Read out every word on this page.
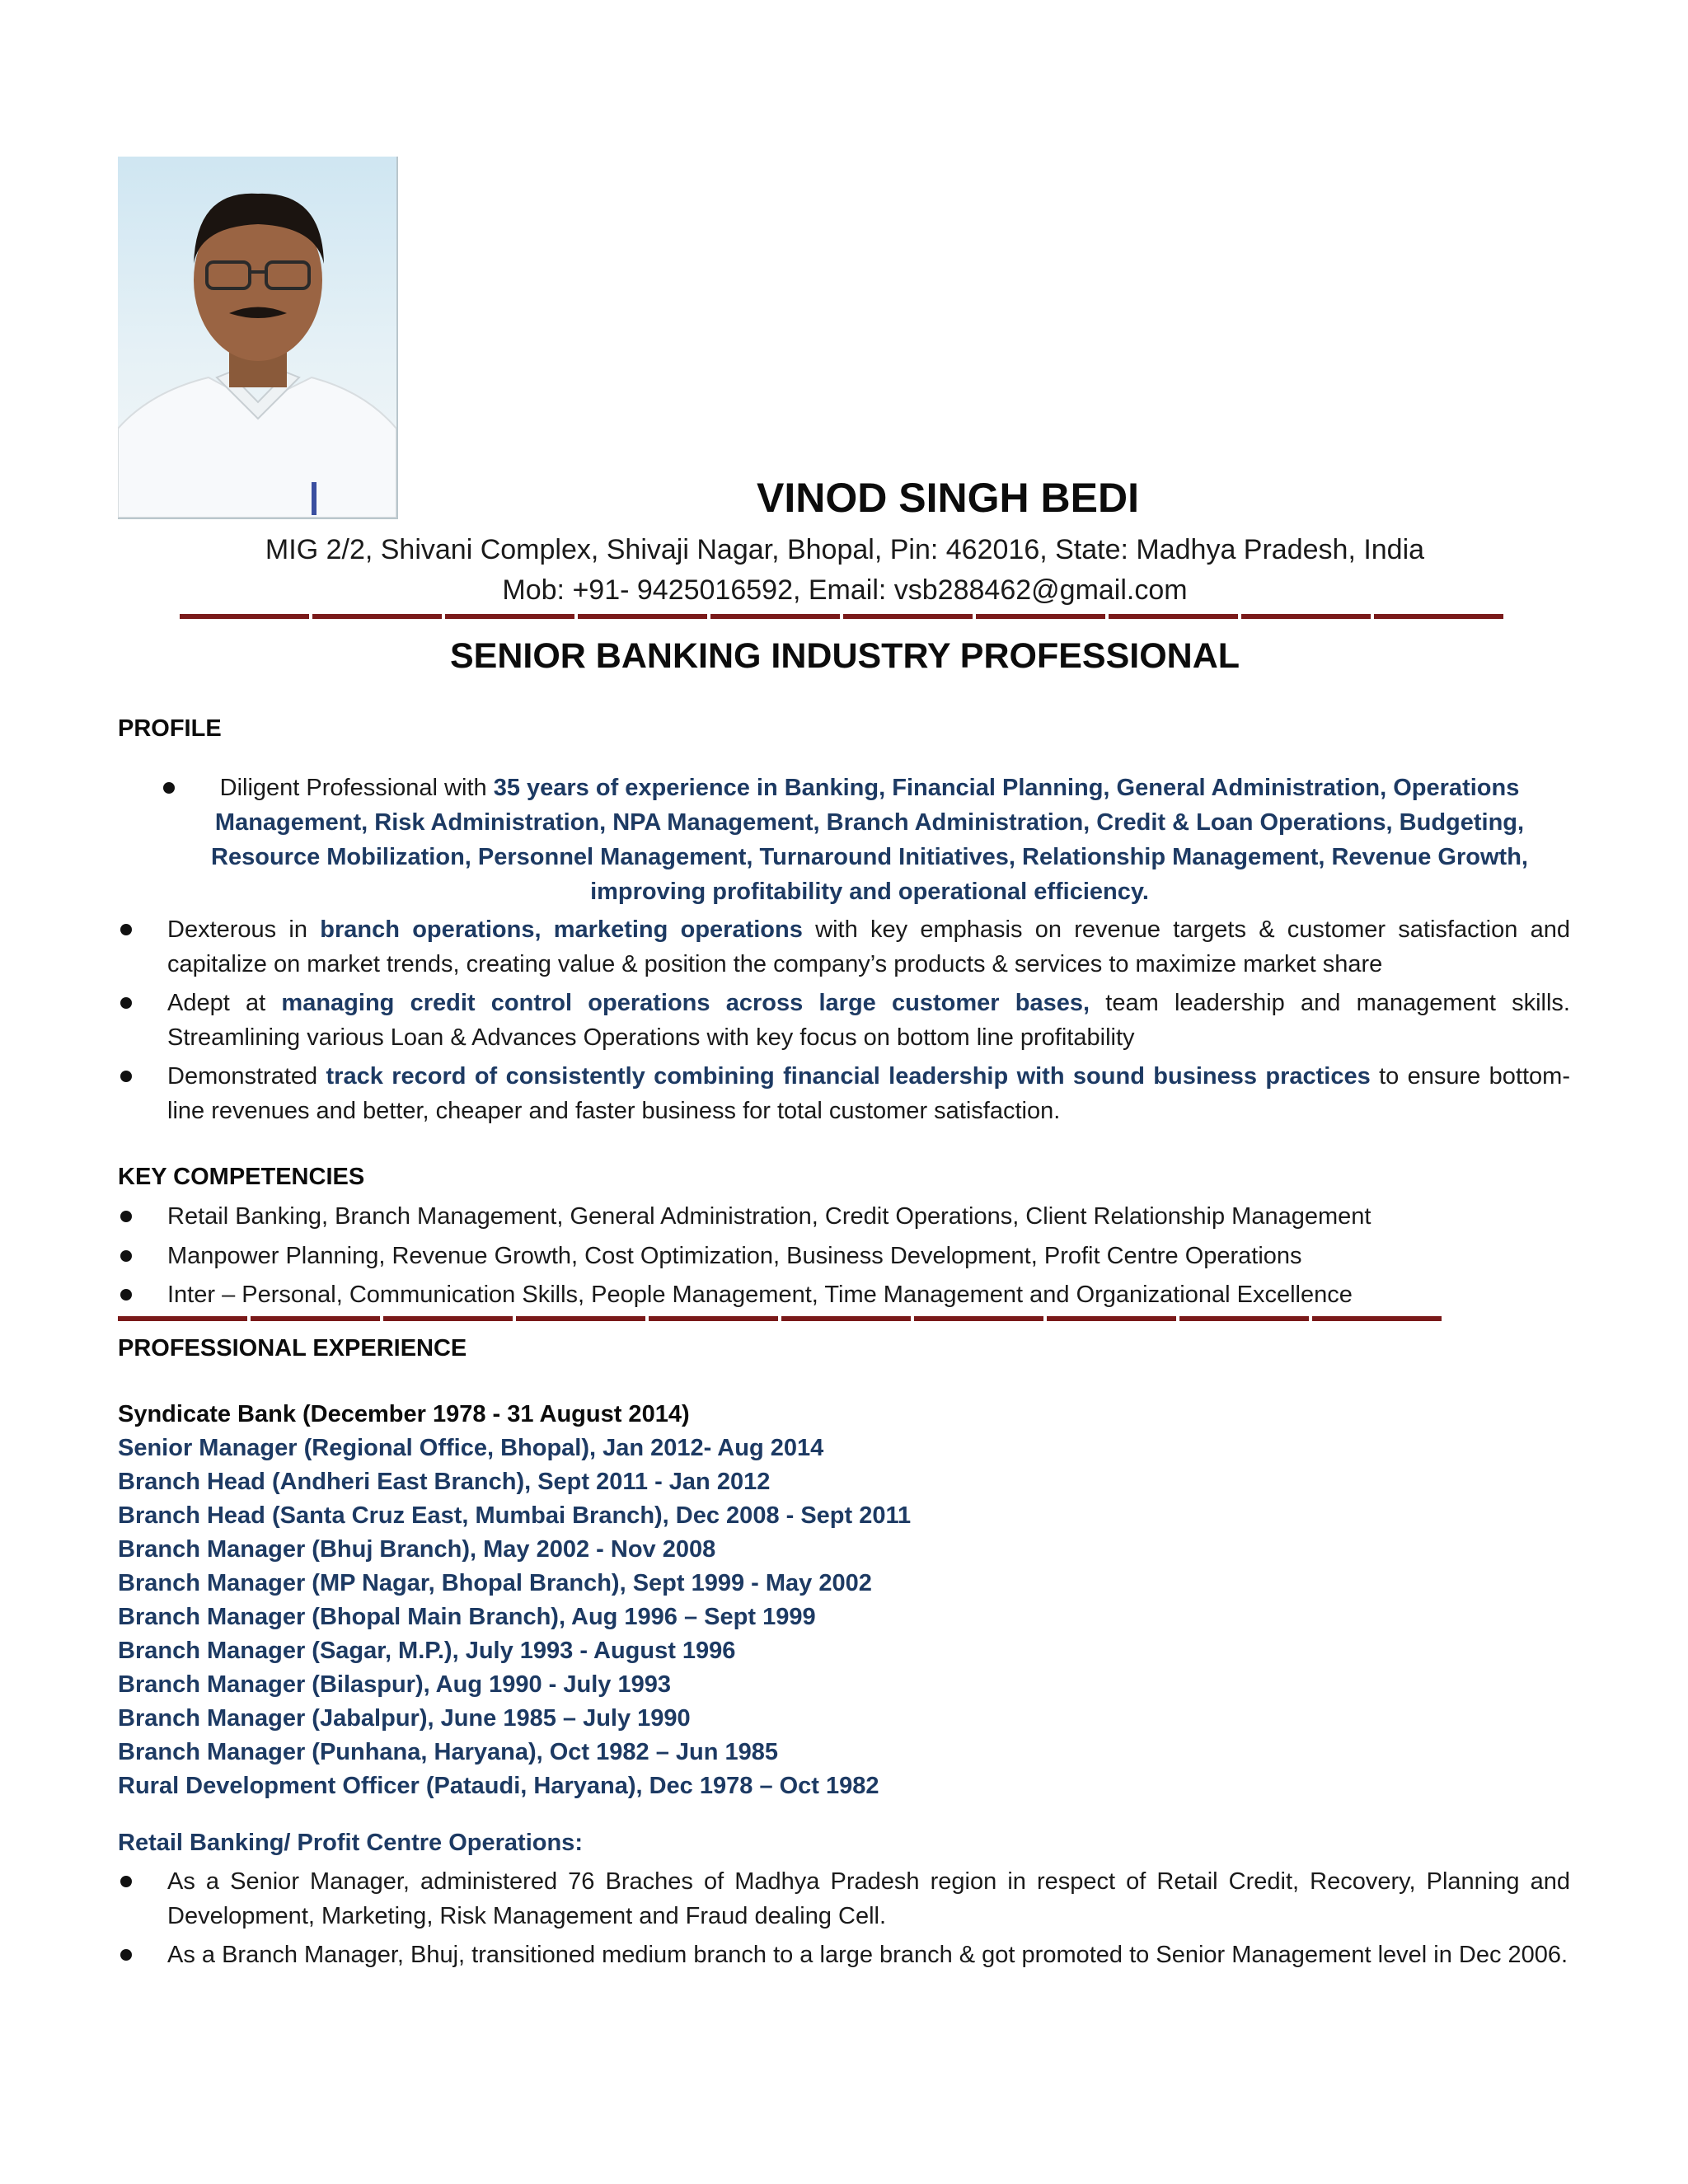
VINOD SINGH BEDI
MIG 2/2, Shivani Complex, Shivaji Nagar, Bhopal, Pin: 462016, State: Madhya Pradesh, India
Mob: +91- 9425016592, Email: vsb288462@gmail.com
SENIOR BANKING INDUSTRY PROFESSIONAL
PROFILE
Diligent Professional with 35 years of experience in Banking, Financial Planning, General Administration, Operations Management, Risk Administration, NPA Management, Branch Administration, Credit & Loan Operations, Budgeting, Resource Mobilization, Personnel Management, Turnaround Initiatives, Relationship Management, Revenue Growth, improving profitability and operational efficiency.
Dexterous in branch operations, marketing operations with key emphasis on revenue targets & customer satisfaction and capitalize on market trends, creating value & position the company’s products & services to maximize market share
Adept at managing credit control operations across large customer bases, team leadership and management skills. Streamlining various Loan & Advances Operations with key focus on bottom line profitability
Demonstrated track record of consistently combining financial leadership with sound business practices to ensure bottom-line revenues and better, cheaper and faster business for total customer satisfaction.
KEY COMPETENCIES
Retail Banking, Branch Management, General Administration, Credit Operations, Client Relationship Management
Manpower Planning, Revenue Growth, Cost Optimization, Business Development, Profit Centre Operations
Inter – Personal, Communication Skills, People Management, Time Management and Organizational Excellence
PROFESSIONAL EXPERIENCE
Syndicate Bank (December 1978 - 31 August 2014)
Senior Manager (Regional Office, Bhopal), Jan 2012- Aug 2014
Branch Head (Andheri East Branch), Sept 2011 - Jan 2012
Branch Head (Santa Cruz East, Mumbai Branch), Dec 2008 - Sept 2011
Branch Manager (Bhuj Branch), May 2002 - Nov 2008
Branch Manager (MP Nagar, Bhopal Branch), Sept 1999 - May 2002
Branch Manager (Bhopal Main Branch), Aug 1996 – Sept 1999
Branch Manager (Sagar, M.P.), July 1993 - August 1996
Branch Manager (Bilaspur), Aug 1990 - July 1993
Branch Manager (Jabalpur), June 1985 – July 1990
Branch Manager (Punhana, Haryana), Oct 1982 – Jun 1985
Rural Development Officer (Pataudi, Haryana), Dec 1978 – Oct 1982
Retail Banking/ Profit Centre Operations:
As a Senior Manager, administered 76 Braches of Madhya Pradesh region in respect of Retail Credit, Recovery, Planning and Development, Marketing, Risk Management and Fraud dealing Cell.
As a Branch Manager, Bhuj, transitioned medium branch to a large branch & got promoted to Senior Management level in Dec 2006.
